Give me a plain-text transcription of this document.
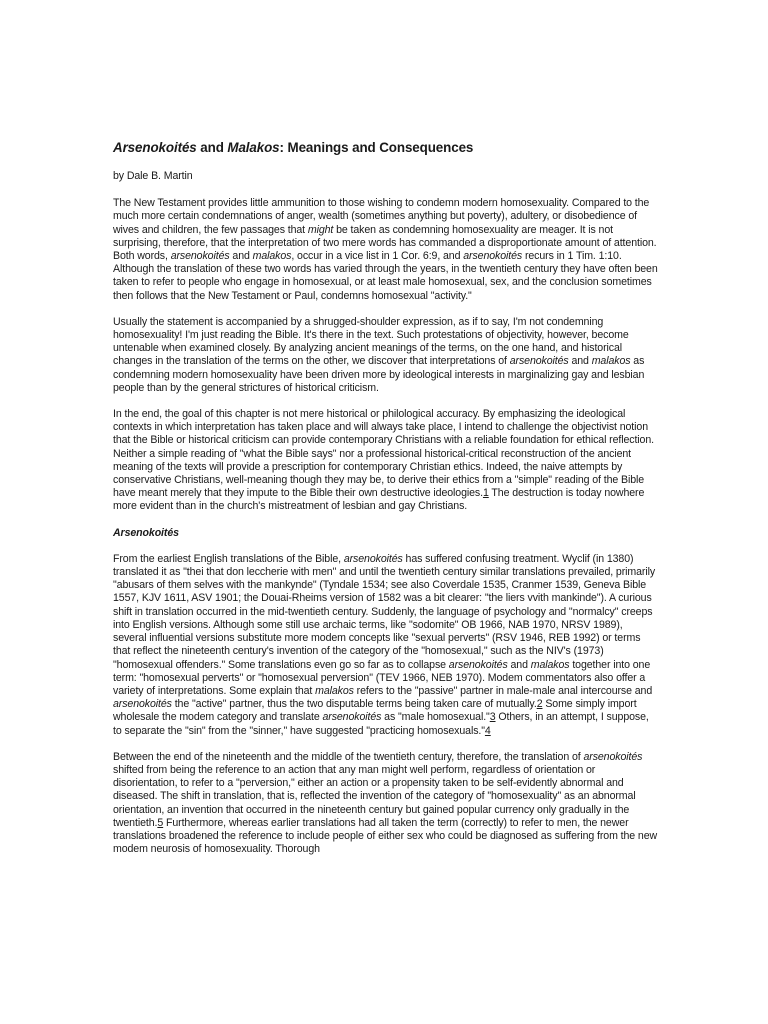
Arsenokoités and Malakos: Meanings and Consequences
by Dale B. Martin

The New Testament provides little ammunition to those wishing to condemn modern homosexuality. Compared to the much more certain condemnations of anger, wealth (sometimes anything but poverty), adultery, or disobedience of wives and children, the few passages that might be taken as condemning homosexuality are meager. It is not surprising, therefore, that the interpretation of two mere words has commanded a disproportionate amount of attention. Both words, arsenokoités and malakos, occur in a vice list in 1 Cor. 6:9, and arsenokoités recurs in 1 Tim. 1:10. Although the translation of these two words has varied through the years, in the twentieth century they have often been taken to refer to people who engage in homosexual, or at least male homosexual, sex, and the conclusion sometimes then follows that the New Testament or Paul, condemns homosexual "activity."

Usually the statement is accompanied by a shrugged-shoulder expression, as if to say, I'm not condemning homosexuality! I'm just reading the Bible. It's there in the text. Such protestations of objectivity, however, become untenable when examined closely. By analyzing ancient meanings of the terms, on the one hand, and historical changes in the translation of the terms on the other, we discover that interpretations of arsenokoités and malakos as condemning modern homosexuality have been driven more by ideological interests in marginalizing gay and lesbian people than by the general strictures of historical criticism.

In the end, the goal of this chapter is not mere historical or philological accuracy. By emphasizing the ideological contexts in which interpretation has taken place and will always take place, I intend to challenge the objectivist notion that the Bible or historical criticism can provide contemporary Christians with a reliable foundation for ethical reflection. Neither a simple reading of "what the Bible says" nor a professional historical-critical reconstruction of the ancient meaning of the texts will provide a prescription for contemporary Christian ethics. Indeed, the naive attempts by conservative Christians, well-meaning though they may be, to derive their ethics from a "simple" reading of the Bible have meant merely that they impute to the Bible their own destructive ideologies.1 The destruction is today nowhere more evident than in the church's mistreatment of lesbian and gay Christians.

Arsenokoités

From the earliest English translations of the Bible, arsenokoités has suffered confusing treatment. Wyclif (in 1380) translated it as "thei that don leccherie with men" and until the twentieth century similar translations prevailed, primarily "abusars of them selves with the mankynde" (Tyndale 1534; see also Coverdale 1535, Cranmer 1539, Geneva Bible 1557, KJV 1611, ASV 1901; the Douai-Rheims version of 1582 was a bit clearer: "the liers vvith mankinde"). A curious shift in translation occurred in the mid-twentieth century. Suddenly, the language of psychology and "normalcy" creeps into English versions. Although some still use archaic terms, like "sodomite" OB 1966, NAB 1970, NRSV 1989), several influential versions substitute more modem concepts like "sexual perverts" (RSV 1946, REB 1992) or terms that reflect the nineteenth century's invention of the category of the "homosexual," such as the NIV's (1973) "homosexual offenders." Some translations even go so far as to collapse arsenokoités and malakos together into one term: "homosexual perverts" or "homosexual perversion" (TEV 1966, NEB 1970). Modem commentators also offer a variety of interpretations. Some explain that malakos refers to the "passive" partner in male-male anal intercourse and arsenokoités the "active" partner, thus the two disputable terms being taken care of mutually.2 Some simply import wholesale the modem category and translate arsenokoités as "male homosexual."3 Others, in an attempt, I suppose, to separate the "sin" from the "sinner," have suggested "practicing homosexuals."4

Between the end of the nineteenth and the middle of the twentieth century, therefore, the translation of arsenokoités shifted from being the reference to an action that any man might well perform, regardless of orientation or disorientation, to refer to a "perversion," either an action or a propensity taken to be self-evidently abnormal and diseased. The shift in translation, that is, reflected the invention of the category of "homosexuality" as an abnormal orientation, an invention that occurred in the nineteenth century but gained popular currency only gradually in the twentieth.5 Furthermore, whereas earlier translations had all taken the term (correctly) to refer to men, the newer translations broadened the reference to include people of either sex who could be diagnosed as suffering from the new modem neurosis of homosexuality. Thorough
